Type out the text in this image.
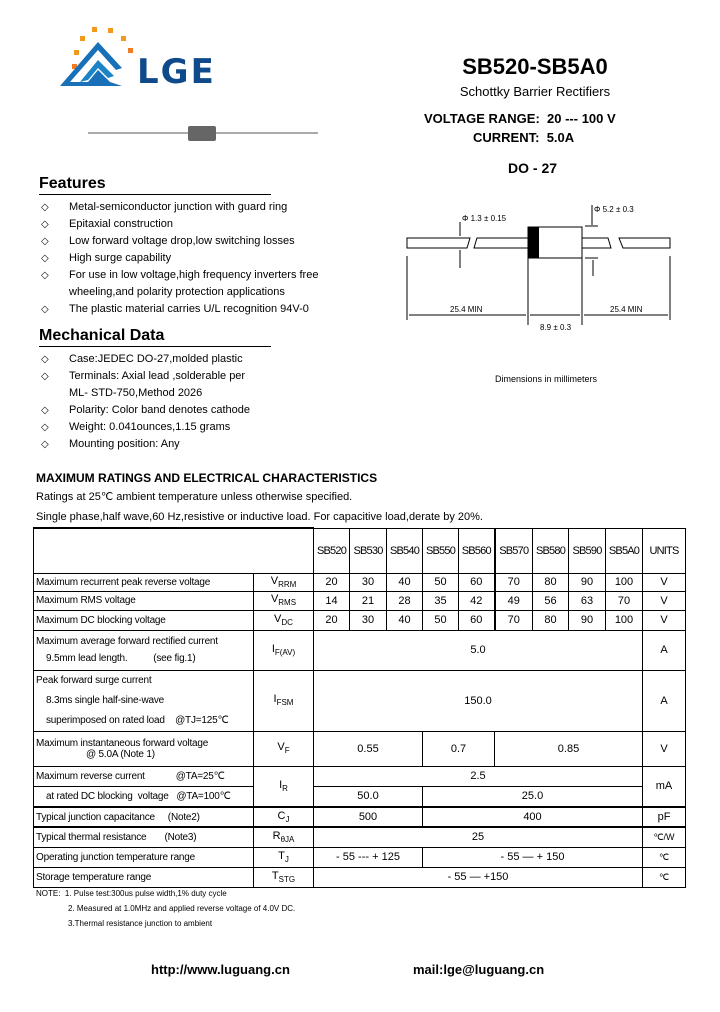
LGE	SB520-SB5A0
Schottky Barrier Rectifiers
VOLTAGE RANGE: 20 --- 100 V
CURRENT: 5.0A
DO - 27
Φ 1.3 ± 0.15
Φ 5.2 ± 0.3
25.4 MIN	25.4 MIN
8.9 ± 0.3
Dimensions in millimeters
Features
◇	Metal-semiconductor junction with guard ring
◇	Epitaxial construction
◇	Low forward voltage drop,low switching losses
◇	High surge capability
◇	For use in low voltage,high frequency inverters free
wheeling,and polarity protection applications
◇	The plastic material carries U/L recognition 94V-0
Mechanical Data
◇	Case:JEDEC DO-27,molded plastic
◇	Terminals: Axial lead ,solderable per
ML- STD-750,Method 2026
◇	Polarity: Color band denotes cathode
◇	Weight: 0.041ounces,1.15 grams
◇	Mounting position: Any
MAXIMUM RATINGS AND ELECTRICAL CHARACTERISTICS
Ratings at 25℃ ambient temperature unless otherwise specified.
Single phase,half wave,60 Hz,resistive or inductive load. For capacitive load,derate by 20%.
		SB520	SB530	SB540	SB550	SB560	SB570	SB580	SB590	SB5A0	UNITS
Maximum recurrent peak reverse voltage	$V_{RRM}$	20	30	40	50	60	70	80	90	100	V
Maximum RMS voltage	$V_{RMS}$	14	21	28	35	42	49	56	63	70	V
Maximum DC blocking voltage	$V_{DC}$	20	30	40	50	60	70	80	90	100	V

Maximum average forward rectified current
9.5mm lead length.          (see fig.1)	$I_{F(AV)}$	5.0									A

Peak forward surge current
8.3ms single half-sine-wave
superimposed on rated load    @TJ=125℃	$I_{FSM}$	150.0									A

Maximum instantaneous forward voltage
@ 5.0A (Note 1)	$V_F$	0.55			0.7		0.85				V
Maximum reverse current            @TA=25℃	$I_R$	2.5									mA
at rated DC blocking  voltage   @TA=100℃		50.0			25.0						
Typical junction capacitance     (Note2)	$C_J$	500			400						pF
Typical thermal resistance       (Note3)	$R_{\theta JA}$	25									℃/W
Operating junction temperature range	$T_J$	- 55 --- + 125			- 55 — + 150						℃
Storage temperature range	$T_{STG}$	- 55 — +150									℃
NOTE:  1. Pulse test:300us pulse width,1% duty cycle
2. Measured at 1.0MHz and applied reverse voltage of 4.0V DC.
3.Thermal resistance junction to ambient
http://www.luguang.cn	mail:lge@luguang.cn
